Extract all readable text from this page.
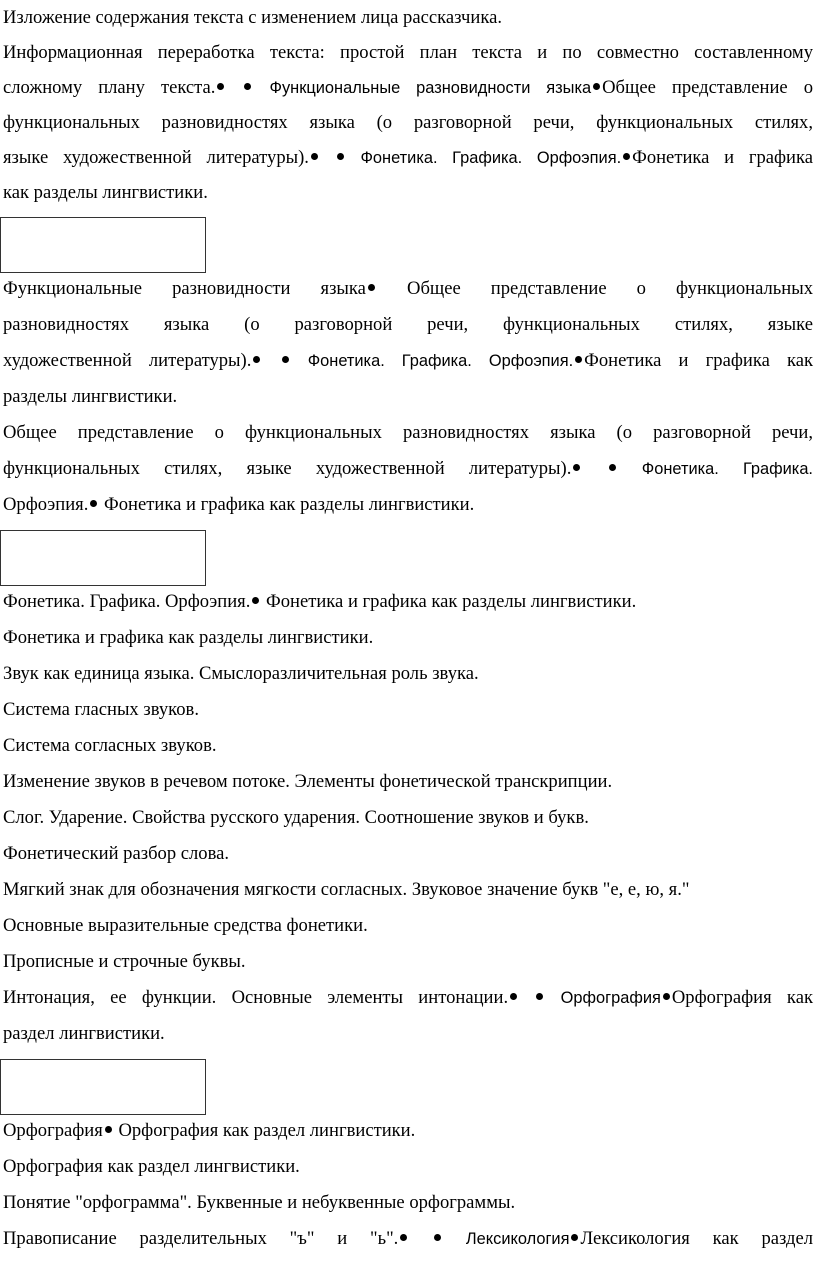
Изложение содержания текста с изменением лица рассказчика.
Информационная переработка текста: простой план текста и по совместно составленному
сложному плану текста.	Функциональные разновидности языка Общее представление о
функциональных разновидностях языка (о разговорной речи, функциональных стилях,
языке художественной литературы).	Фонетика. Графика. Орфоэпия. Фонетика и графика
как разделы лингвистики.
Функциональные разновидности языка Общее представление о функциональных
разновидностях языка (о разговорной речи, функциональных стилях, языке
художественной литературы).	Фонетика. Графика. Орфоэпия. Фонетика и графика как
разделы лингвистики.
Общее представление о функциональных разновидностях языка (о разговорной речи,
функциональных стилях, языке художественной литературы).	Фонетика. Графика.
Орфоэпия. Фонетика и графика как разделы лингвистики.
Фонетика. Графика. Орфоэпия. Фонетика и графика как разделы лингвистики.
Фонетика и графика как разделы лингвистики.
Звук как единица языка. Смыслоразличительная роль звука.
Система гласных звуков.
Система согласных звуков.
Изменение звуков в речевом потоке. Элементы фонетической транскрипции.
Слог. Ударение. Свойства русского ударения. Соотношение звуков и букв.
Фонетический разбор слова.
Мягкий знак для обозначения мягкости согласных. Звуковое значение букв "е, е, ю, я."
Основные выразительные средства фонетики.
Прописные и строчные буквы.
Интонация, ее функции. Основные элементы интонации.	Орфография Орфография как
раздел лингвистики.
Орфография Орфография как раздел лингвистики.
Орфография как раздел лингвистики.
Понятие "орфограмма". Буквенные и небуквенные орфограммы.
Правописание разделительных "ъ" и "ь".	Лексикология Лексикология как раздел
